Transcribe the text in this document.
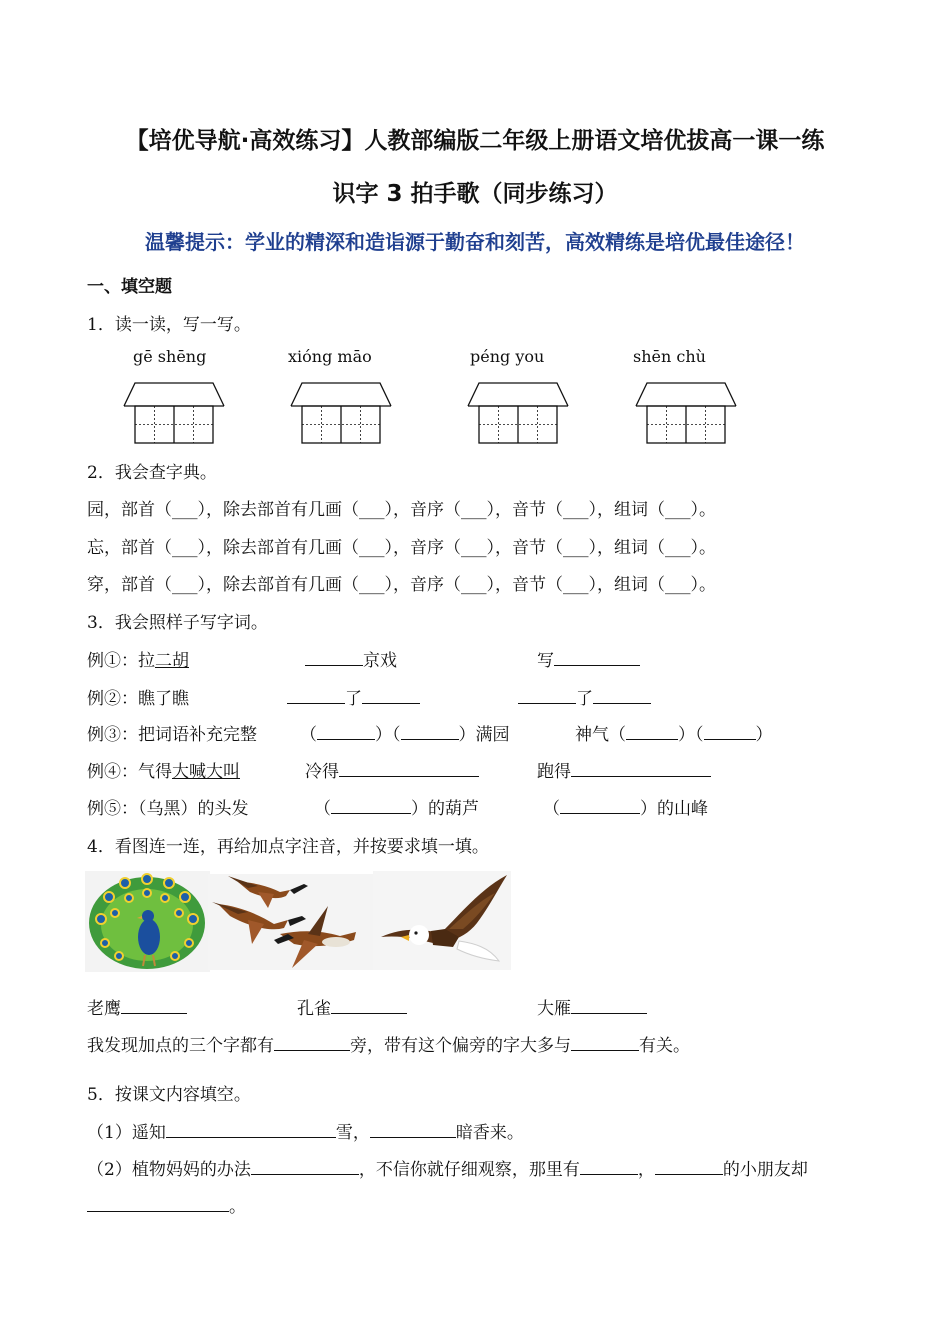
【培优导航·高效练习】人教部编版二年级上册语文培优拔高一课一练
识字 3 拍手歌（同步练习）
温馨提示：学业的精深和造诣源于勤奋和刻苦，高效精练是培优最佳途径！
一、填空题
1．读一读，写一写。
gē shēng	xióng māo	péng you	shēn chù
2．我会查字典。
园，部首（___），除去部首有几画（___），音序（___），音节（___），组词（___）。
忘，部首（___），除去部首有几画（___），音序（___），音节（___），组词（___）。
穿，部首（___），除去部首有几画（___），音序（___），音节（___），组词（___）。
3．我会照样子写字词。
例①：拉二胡	京戏	写
例②：瞧了瞧	了	了
例③：把词语补充完整	（	）（	）满园	神气（	）（	）
例④：气得大喊大叫	冷得	跑得
例⑤：（乌黑）的头发	（	）的葫芦	（	）的山峰
4．看图连一连，再给加点字注音，并按要求填一填。
老鹰	孔雀	大雁
我发现加点的三个字都有	旁，带有这个偏旁的字大多与	有关。
5．按课文内容填空。
（1）遥知	雪，	暗香来。
（2）植物妈妈的办法	，不信你就仔细观察，那里有	，	的小朋友却
。
